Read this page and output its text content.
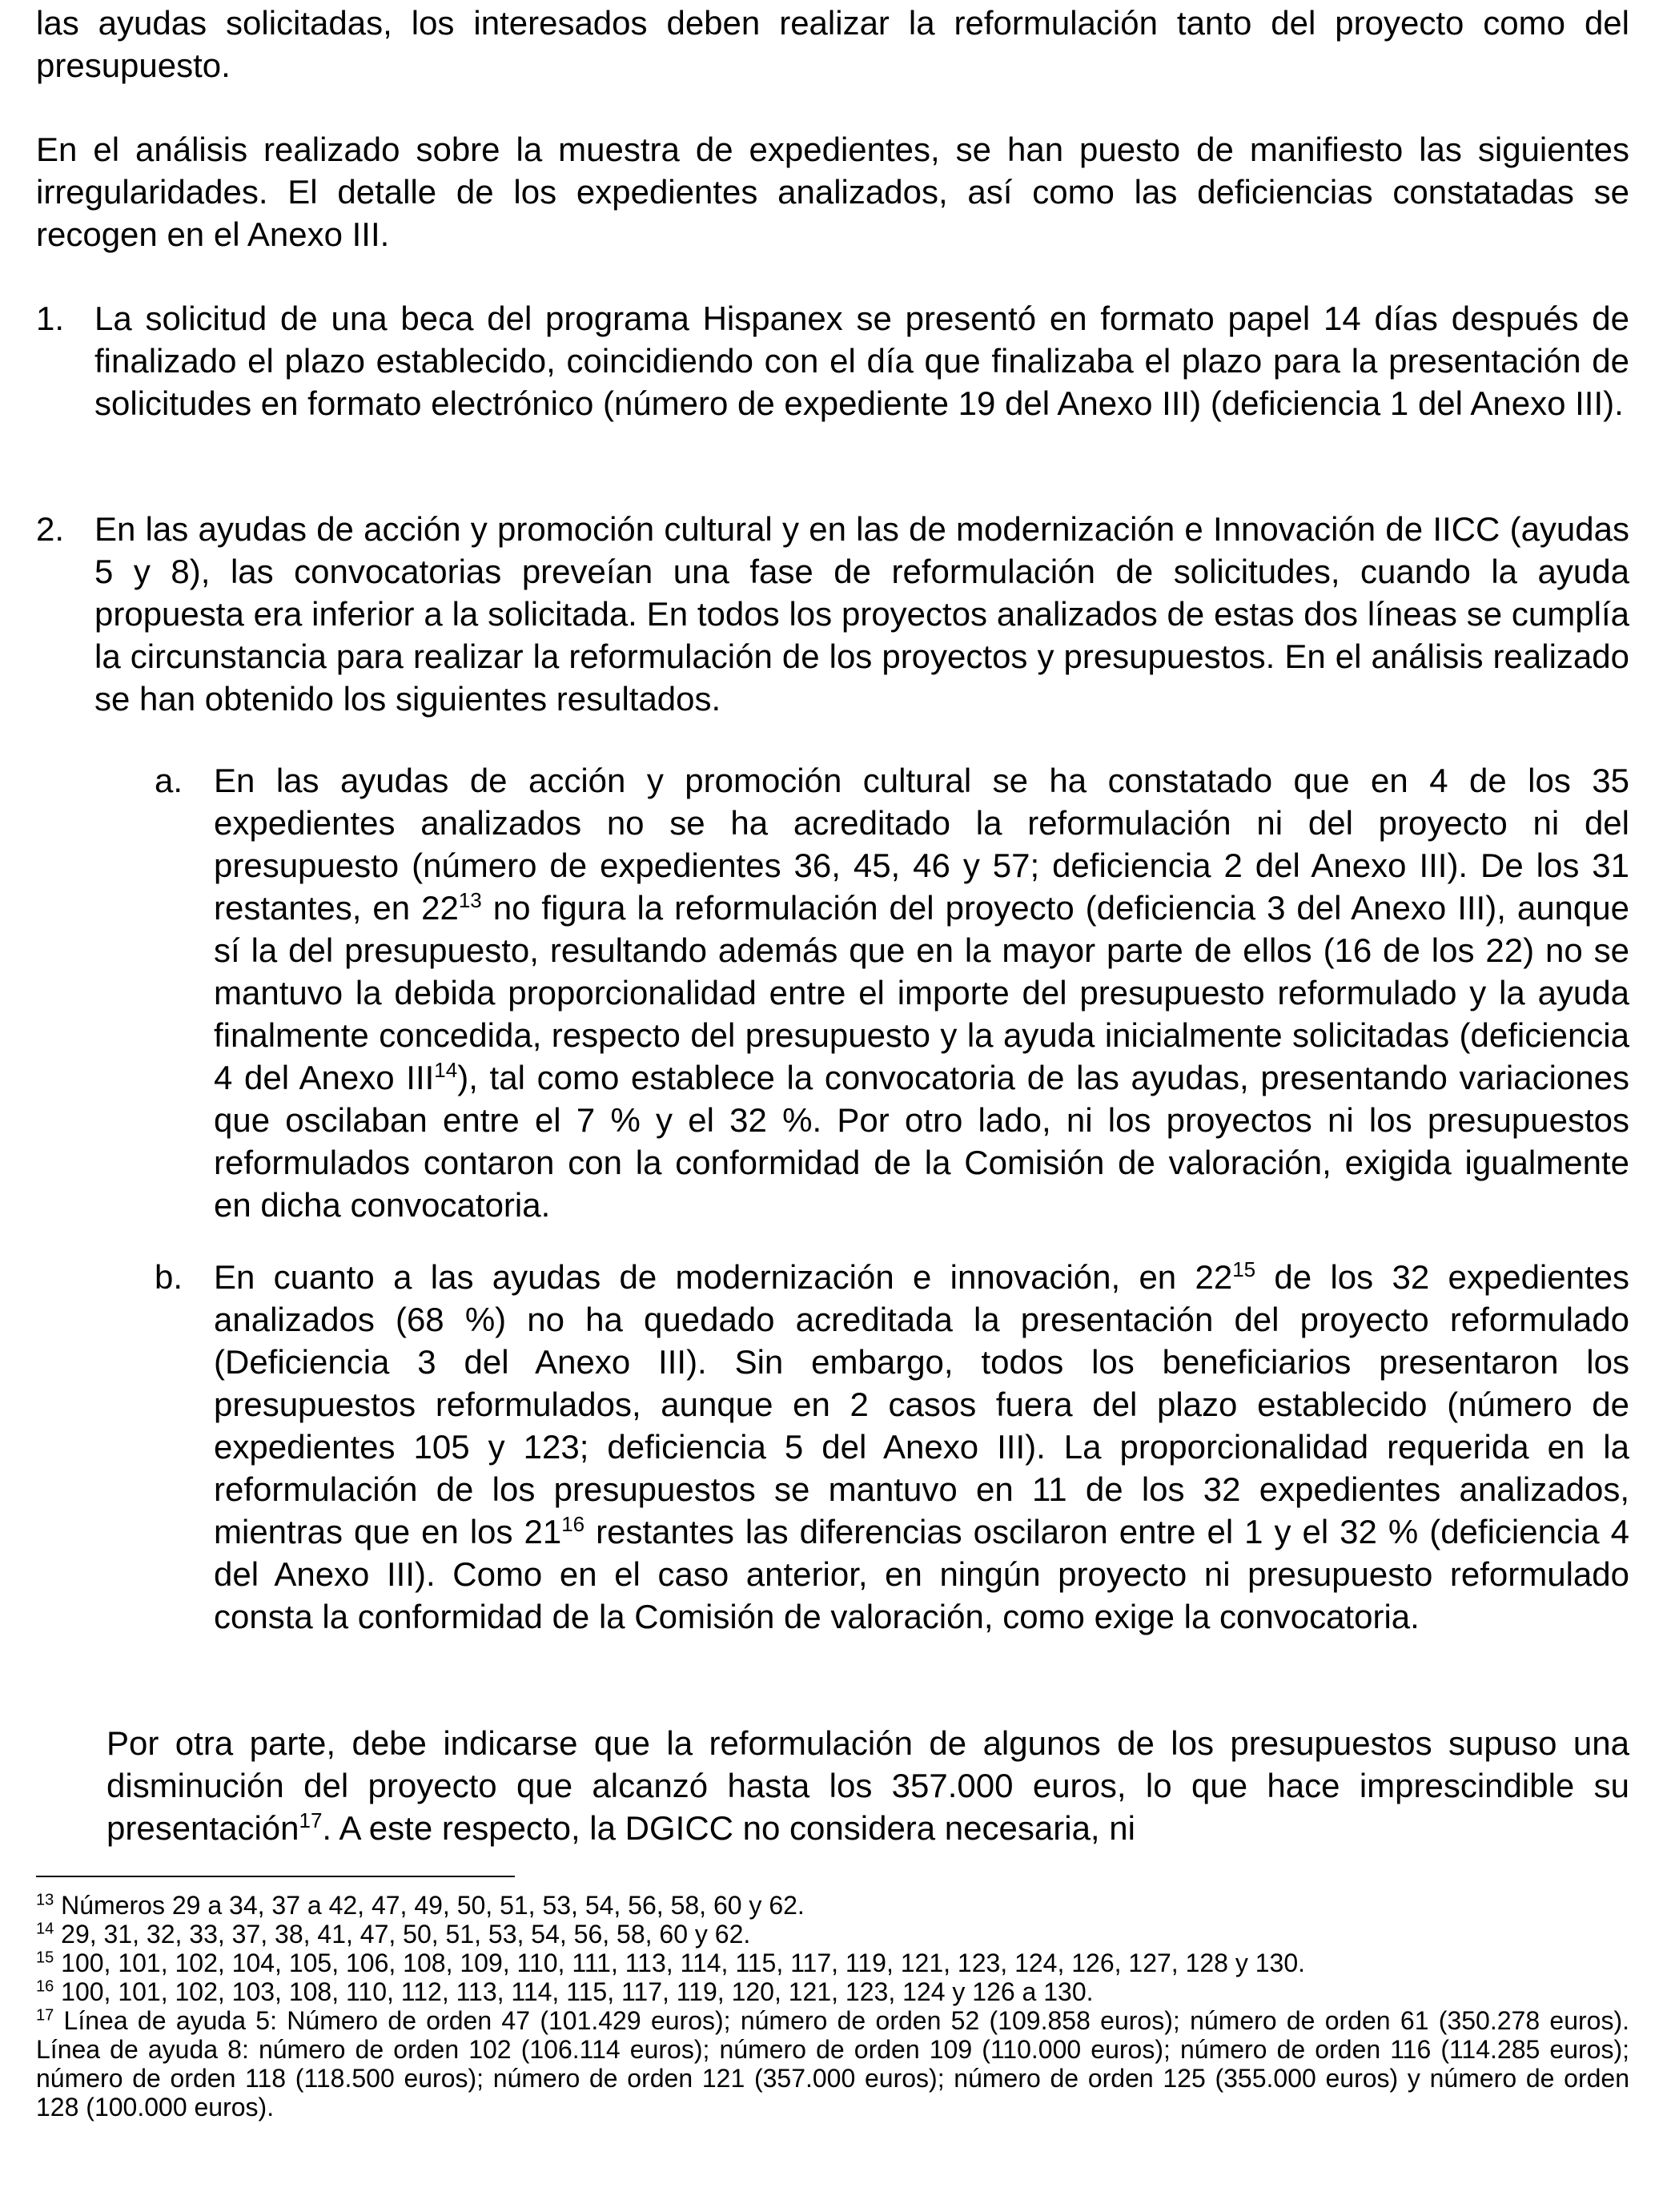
las ayudas solicitadas, los interesados deben realizar la reformulación tanto del proyecto como del presupuesto.

En el análisis realizado sobre la muestra de expedientes, se han puesto de manifiesto las siguientes irregularidades. El detalle de los expedientes analizados, así como las deficiencias constatadas se recogen en el Anexo III.

1. La solicitud de una beca del programa Hispanex se presentó en formato papel 14 días después de finalizado el plazo establecido, coincidiendo con el día que finalizaba el plazo para la presentación de solicitudes en formato electrónico (número de expediente 19 del Anexo III) (deficiencia 1 del Anexo III).

2. En las ayudas de acción y promoción cultural y en las de modernización e Innovación de IICC (ayudas 5 y 8), las convocatorias preveían una fase de reformulación de solicitudes, cuando la ayuda propuesta era inferior a la solicitada. En todos los proyectos analizados de estas dos líneas se cumplía la circunstancia para realizar la reformulación de los proyectos y presupuestos. En el análisis realizado se han obtenido los siguientes resultados.

a. En las ayudas de acción y promoción cultural se ha constatado que en 4 de los 35 expedientes analizados no se ha acreditado la reformulación ni del proyecto ni del presupuesto (número de expedientes 36, 45, 46 y 57; deficiencia 2 del Anexo III). De los 31 restantes, en $22^{13}$ no figura la reformulación del proyecto (deficiencia 3 del Anexo III), aunque sí la del presupuesto, resultando además que en la mayor parte de ellos (16 de los 22) no se mantuvo la debida proporcionalidad entre el importe del presupuesto reformulado y la ayuda finalmente concedida, respecto del presupuesto y la ayuda inicialmente solicitadas (deficiencia 4 del Anexo III$^{14}$), tal como establece la convocatoria de las ayudas, presentando variaciones que oscilaban entre el 7 % y el 32 %. Por otro lado, ni los proyectos ni los presupuestos reformulados contaron con la conformidad de la Comisión de valoración, exigida igualmente en dicha convocatoria.

b. En cuanto a las ayudas de modernización e innovación, en $22^{15}$ de los 32 expedientes analizados (68 %) no ha quedado acreditada la presentación del proyecto reformulado (Deficiencia 3 del Anexo III). Sin embargo, todos los beneficiarios presentaron los presupuestos reformulados, aunque en 2 casos fuera del plazo establecido (número de expedientes 105 y 123; deficiencia 5 del Anexo III). La proporcionalidad requerida en la reformulación de los presupuestos se mantuvo en 11 de los 32 expedientes analizados, mientras que en los $21^{16}$ restantes las diferencias oscilaron entre el 1 y el 32 % (deficiencia 4 del Anexo III). Como en el caso anterior, en ningún proyecto ni presupuesto reformulado consta la conformidad de la Comisión de valoración, como exige la convocatoria.

Por otra parte, debe indicarse que la reformulación de algunos de los presupuestos supuso una disminución del proyecto que alcanzó hasta los 357.000 euros, lo que hace imprescindible su presentación$^{17}$. A este respecto, la DGICC no considera necesaria, ni

$^{13}$ Números 29 a 34, 37 a 42, 47, 49, 50, 51, 53, 54, 56, 58, 60 y 62.

$^{14}$ 29, 31, 32, 33, 37, 38, 41, 47, 50, 51, 53, 54, 56, 58, 60 y 62.

$^{15}$ 100, 101, 102, 104, 105, 106, 108, 109, 110, 111, 113, 114, 115, 117, 119, 121, 123, 124, 126, 127, 128 y 130.

$^{16}$ 100, 101, 102, 103, 108, 110, 112, 113, 114, 115, 117, 119, 120, 121, 123, 124 y 126 a 130.

$^{17}$ Línea de ayuda 5: Número de orden 47 (101.429 euros); número de orden 52 (109.858 euros); número de orden 61 (350.278 euros). Línea de ayuda 8: número de orden 102 (106.114 euros); número de orden 109 (110.000 euros); número de orden 116 (114.285 euros); número de orden 118 (118.500 euros); número de orden 121 (357.000 euros); número de orden 125 (355.000 euros) y número de orden 128 (100.000 euros).
